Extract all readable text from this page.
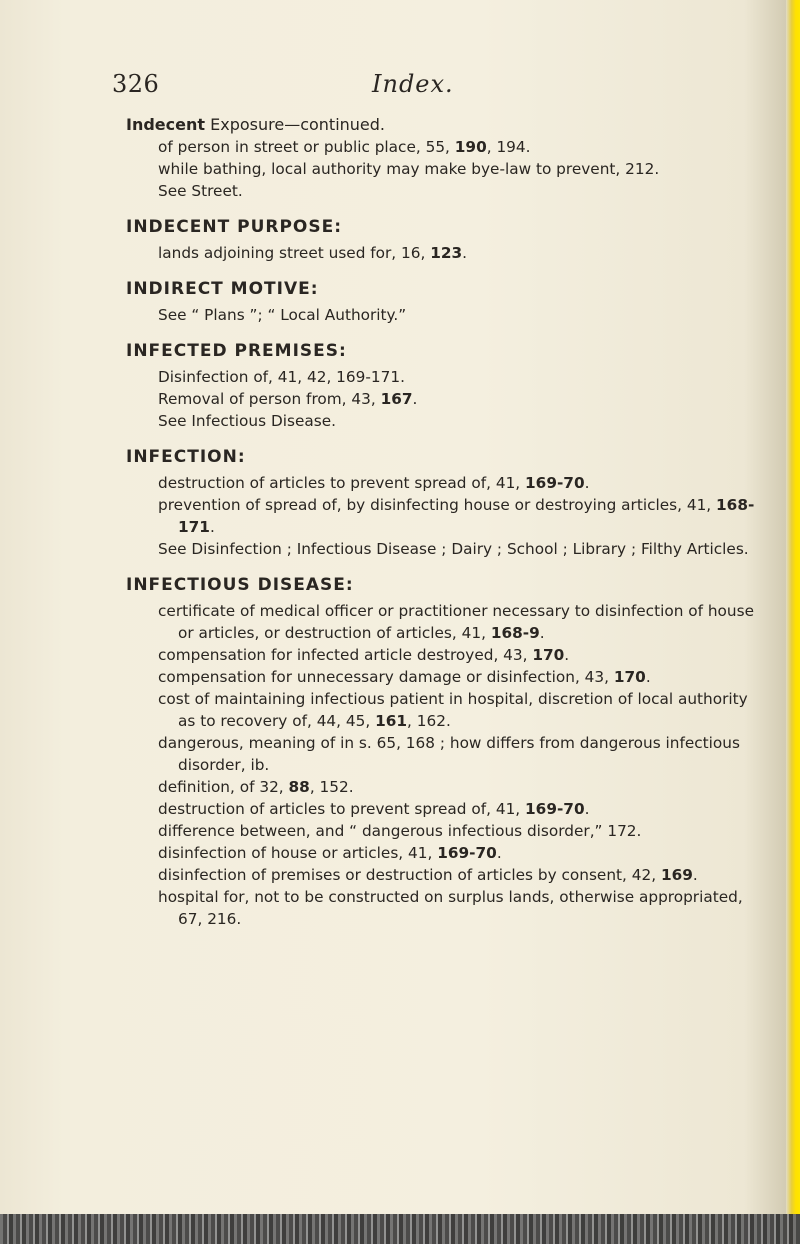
326	Index.
Indecent Exposure—continued.
of person in street or public place, 55, 190, 194.
while bathing, local authority may make bye-law to prevent, 212.
See Street.
INDECENT PURPOSE:
lands adjoining street used for, 16, 123.
INDIRECT MOTIVE:
See “ Plans ”; “ Local Authority.”
INFECTED PREMISES:
Disinfection of, 41, 42, 169-171.
Removal of person from, 43, 167.
See Infectious Disease.
INFECTION:
destruction of articles to prevent spread of, 41, 169-70.
prevention of spread of, by disinfecting house or destroying articles, 41, 168-171.
See Disinfection ; Infectious Disease ; Dairy ; School ; Library ; Filthy Articles.
INFECTIOUS DISEASE:
certificate of medical officer or practitioner necessary to disinfection of house or articles, or destruction of articles, 41, 168-9.
compensation for infected article destroyed, 43, 170.
compensation for unnecessary damage or disinfection, 43, 170.
cost of maintaining infectious patient in hospital, discretion of local authority as to recovery of, 44, 45, 161, 162.
dangerous, meaning of in s. 65, 168 ; how differs from dangerous infectious disorder, ib.
definition, of 32, 88, 152.
destruction of articles to prevent spread of, 41, 169-70.
difference between, and “ dangerous infectious disorder,” 172.
disinfection of house or articles, 41, 169-70.
disinfection of premises or destruction of articles by consent, 42, 169.
hospital for, not to be constructed on surplus lands, otherwise appropriated, 67, 216.
